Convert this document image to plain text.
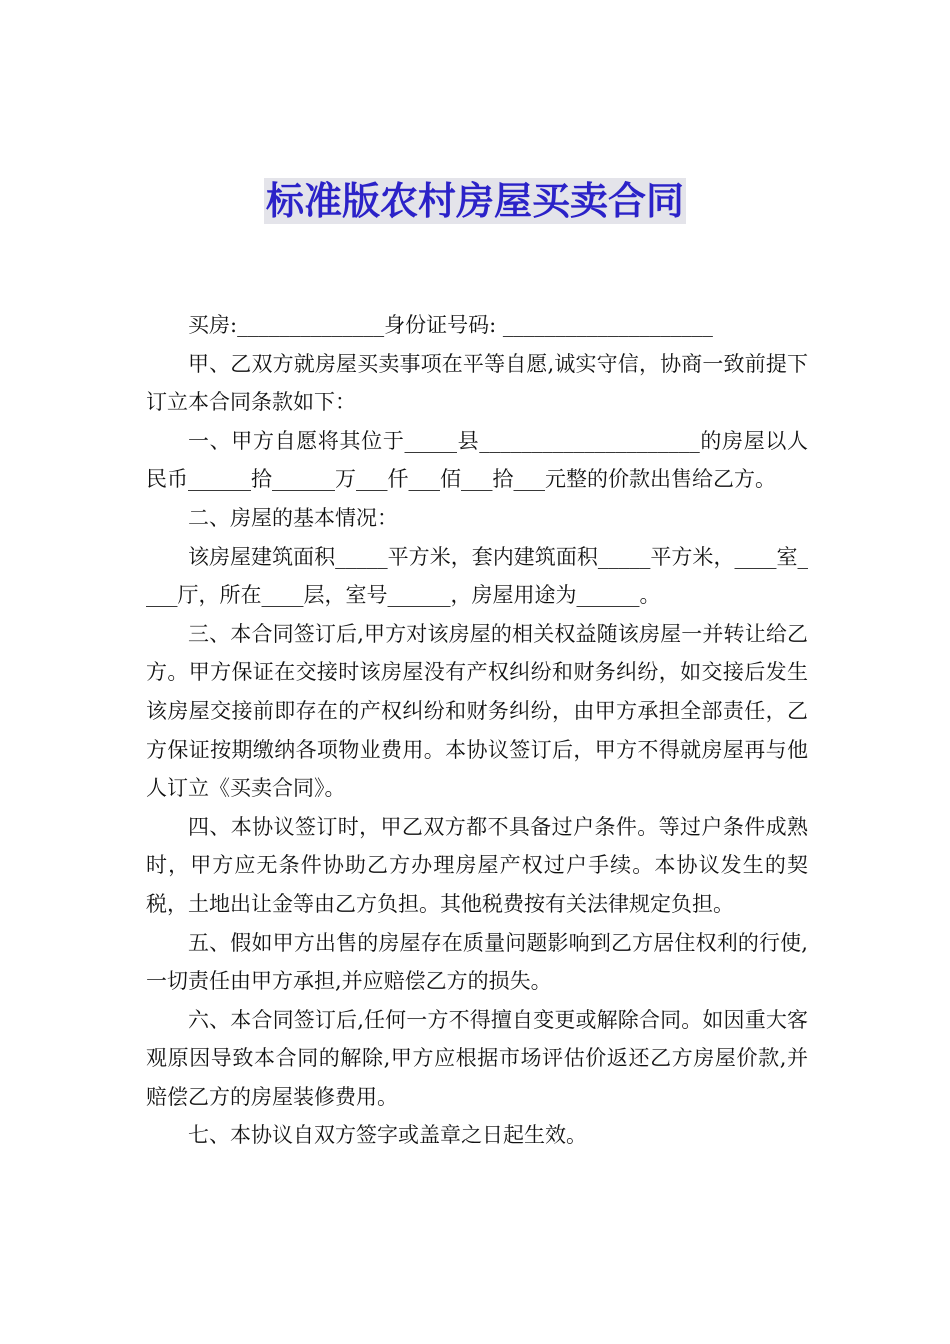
标准版农村房屋买卖合同

买房:______________身份证号码: ____________________

甲、乙双方就房屋买卖事项在平等自愿,诚实守信，协商一致前提下订立本合同条款如下：

一、甲方自愿将其位于_____县_____________________的房屋以人民币______拾______万___仟___佰___拾___元整的价款出售给乙方。

二、房屋的基本情况：

该房屋建筑面积_____平方米，套内建筑面积_____平方米，____室____厅，所在____层，室号______，房屋用途为______。

三、本合同签订后,甲方对该房屋的相关权益随该房屋一并转让给乙方。甲方保证在交接时该房屋没有产权纠纷和财务纠纷，如交接后发生该房屋交接前即存在的产权纠纷和财务纠纷，由甲方承担全部责任，乙方保证按期缴纳各项物业费用。本协议签订后，甲方不得就房屋再与他人订立《买卖合同》。

四、本协议签订时，甲乙双方都不具备过户条件。等过户条件成熟时，甲方应无条件协助乙方办理房屋产权过户手续。本协议发生的契税，土地出让金等由乙方负担。其他税费按有关法律规定负担。

五、假如甲方出售的房屋存在质量问题影响到乙方居住权利的行使,一切责任由甲方承担,并应赔偿乙方的损失。

六、本合同签订后,任何一方不得擅自变更或解除合同。如因重大客观原因导致本合同的解除,甲方应根据市场评估价返还乙方房屋价款,并赔偿乙方的房屋装修费用。

七、本协议自双方签字或盖章之日起生效。
